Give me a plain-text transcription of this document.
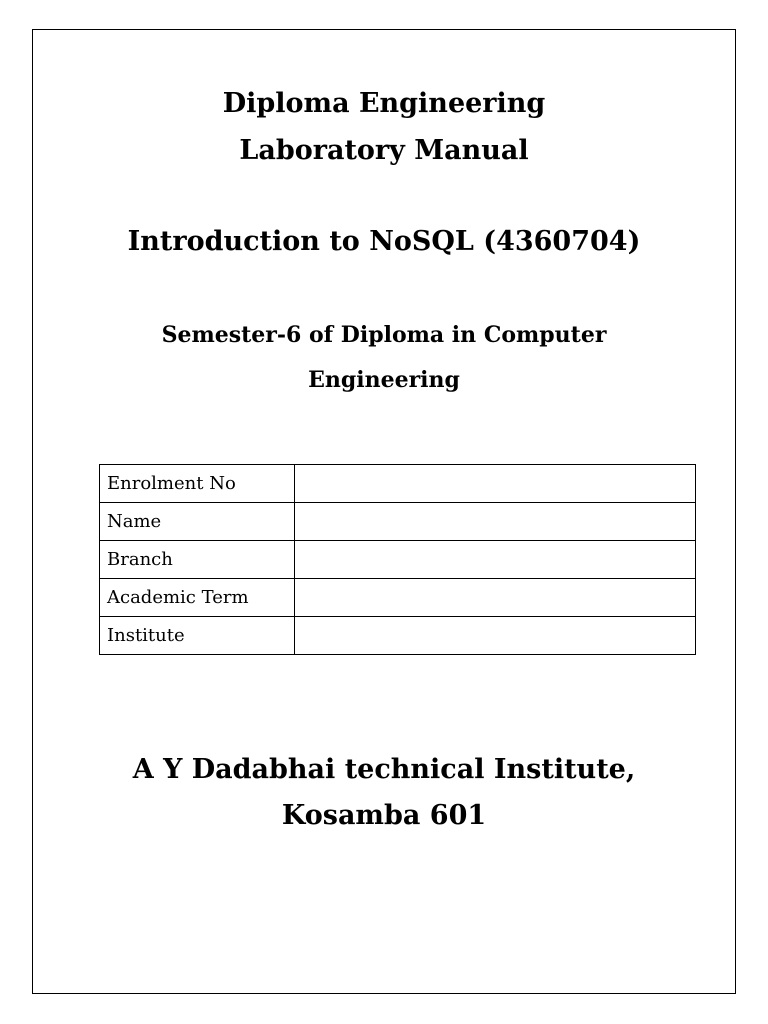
Diploma Engineering
Laboratory Manual
Introduction to NoSQL (4360704)
Semester-6 of Diploma in Computer
Engineering
Enrolment No	
Name	
Branch	
Academic Term	
Institute	
A Y Dadabhai technical Institute,
Kosamba 601
